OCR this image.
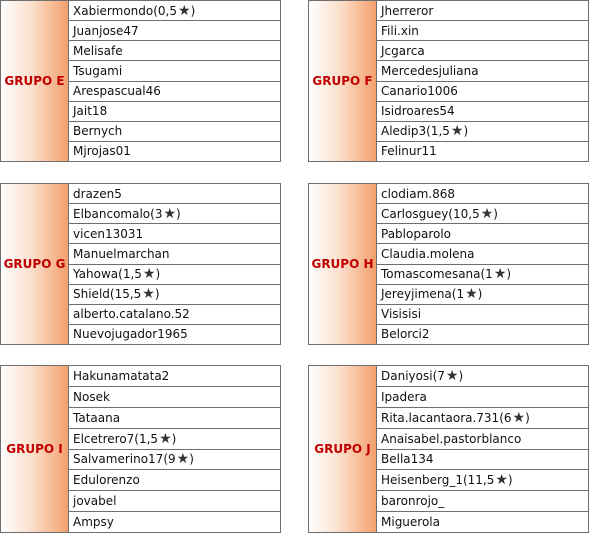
GRUPO E
Xabiermondo(0,5 ★ )
Juanjose47
Melisafe
Tsugami
Arespascual46
Jait18
Bernych
Mjrojas01
GRUPO F
Jherreror
Fili.xin
Jcgarca
Mercedesjuliana
Canario1006
Isidroares54
Aledip3(1,5 ★ )
Felinur11
GRUPO G
drazen5
Elbancomalo(3 ★ )
vicen13031
Manuelmarchan
Yahowa(1,5 ★ )
Shield(15,5 ★ )
alberto.catalano.52
Nuevojugador1965
GRUPO H
clodiam.868
Carlosguey(10,5 ★ )
Pabloparolo
Claudia.molena
Tomascomesana(1 ★ )
Jereyjimena(1 ★ )
Visisisi
Belorci2
GRUPO I
Hakunamatata2
Nosek
Tataana
Elcetrero7(1,5 ★ )
Salvamerino17(9 ★ )
Edulorenzo
jovabel
Ampsy
GRUPO J
Daniyosi(7 ★ )
Ipadera
Rita.lacantaora.731(6 ★ )
Anaisabel.pastorblanco
Bella134
Heisenberg_1(11,5 ★ )
baronrojo_
Miguerola
